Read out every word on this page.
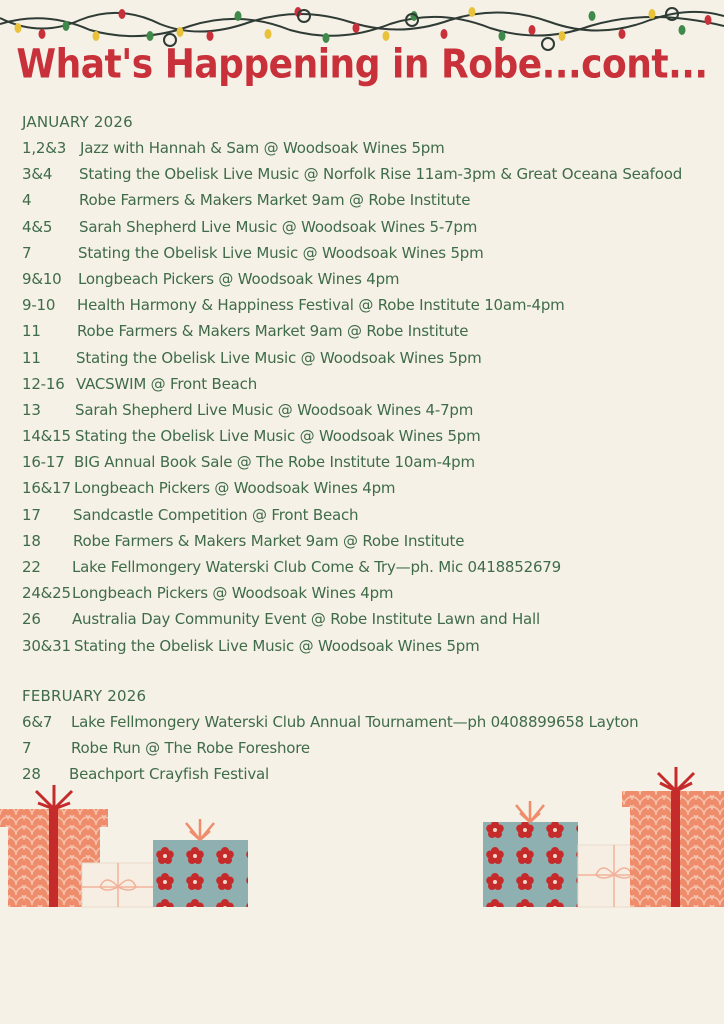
What's Happening in Robe...cont...
JANUARY 2026
1,2&3 Jazz with Hannah & Sam @ Woodsoak Wines 5pm
3&4	Stating the Obelisk Live Music @ Norfolk Rise 11am-3pm & Great Oceana Seafood
4	Robe Farmers & Makers Market 9am @ Robe Institute
4&5	Sarah Shepherd Live Music @ Woodsoak Wines 5-7pm
7	Stating the Obelisk Live Music @ Woodsoak Wines 5pm
9&10	Longbeach Pickers @ Woodsoak Wines 4pm
9-10	Health Harmony & Happiness Festival @ Robe Institute 10am-4pm
11	Robe Farmers & Makers Market 9am @ Robe Institute
11	Stating the Obelisk Live Music @ Woodsoak Wines 5pm
12-16 VACSWIM @ Front Beach
13	Sarah Shepherd Live Music @ Woodsoak Wines 4-7pm
14&15 Stating the Obelisk Live Music @ Woodsoak Wines 5pm
16-17 BIG Annual Book Sale @ The Robe Institute 10am-4pm
16&17 Longbeach Pickers @ Woodsoak Wines 4pm
17	Sandcastle Competition @ Front Beach
18	Robe Farmers & Makers Market 9am @ Robe Institute
22	Lake Fellmongery Waterski Club Come & Try—ph. Mic 0418852679
24&25 Longbeach Pickers @ Woodsoak Wines 4pm
26	Australia Day Community Event @ Robe Institute Lawn and Hall
30&31 Stating the Obelisk Live Music @ Woodsoak Wines 5pm
FEBRUARY 2026
6&7	Lake Fellmongery Waterski Club Annual Tournament—ph 0408899658 Layton
7	Robe Run @ The Robe Foreshore
28	Beachport Crayfish Festival
